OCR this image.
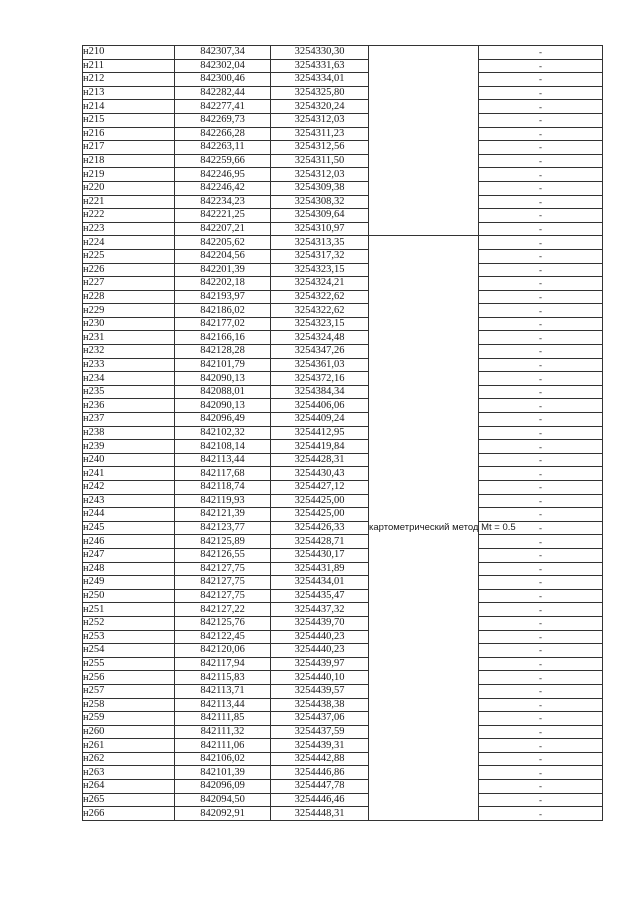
н210	842307,34	3254330,30		-
н211	842302,04	3254331,63		-
н212	842300,46	3254334,01		-
н213	842282,44	3254325,80		-
н214	842277,41	3254320,24		-
н215	842269,73	3254312,03		-
н216	842266,28	3254311,23		-
н217	842263,11	3254312,56		-
н218	842259,66	3254311,50		-
н219	842246,95	3254312,03		-
н220	842246,42	3254309,38		-
н221	842234,23	3254308,32		-
н222	842221,25	3254309,64		-
н223	842207,21	3254310,97		-
н224	842205,62	3254313,35	картометрический метод Mt = 0.5	-
н225	842204,56	3254317,32		-
н226	842201,39	3254323,15		-
н227	842202,18	3254324,21		-
н228	842193,97	3254322,62		-
н229	842186,02	3254322,62		-
н230	842177,02	3254323,15		-
н231	842166,16	3254324,48		-
н232	842128,28	3254347,26		-
н233	842101,79	3254361,03		-
н234	842090,13	3254372,16		-
н235	842088,01	3254384,34		-
н236	842090,13	3254406,06		-
н237	842096,49	3254409,24		-
н238	842102,32	3254412,95		-
н239	842108,14	3254419,84		-
н240	842113,44	3254428,31		-
н241	842117,68	3254430,43		-
н242	842118,74	3254427,12		-
н243	842119,93	3254425,00		-
н244	842121,39	3254425,00		-
н245	842123,77	3254426,33		-
н246	842125,89	3254428,71		-
н247	842126,55	3254430,17		-
н248	842127,75	3254431,89		-
н249	842127,75	3254434,01		-
н250	842127,75	3254435,47		-
н251	842127,22	3254437,32		-
н252	842125,76	3254439,70		-
н253	842122,45	3254440,23		-
н254	842120,06	3254440,23		-
н255	842117,94	3254439,97		-
н256	842115,83	3254440,10		-
н257	842113,71	3254439,57		-
н258	842113,44	3254438,38		-
н259	842111,85	3254437,06		-
н260	842111,32	3254437,59		-
н261	842111,06	3254439,31		-
н262	842106,02	3254442,88		-
н263	842101,39	3254446,86		-
н264	842096,09	3254447,78		-
н265	842094,50	3254446,46		-
н266	842092,91	3254448,31		-
